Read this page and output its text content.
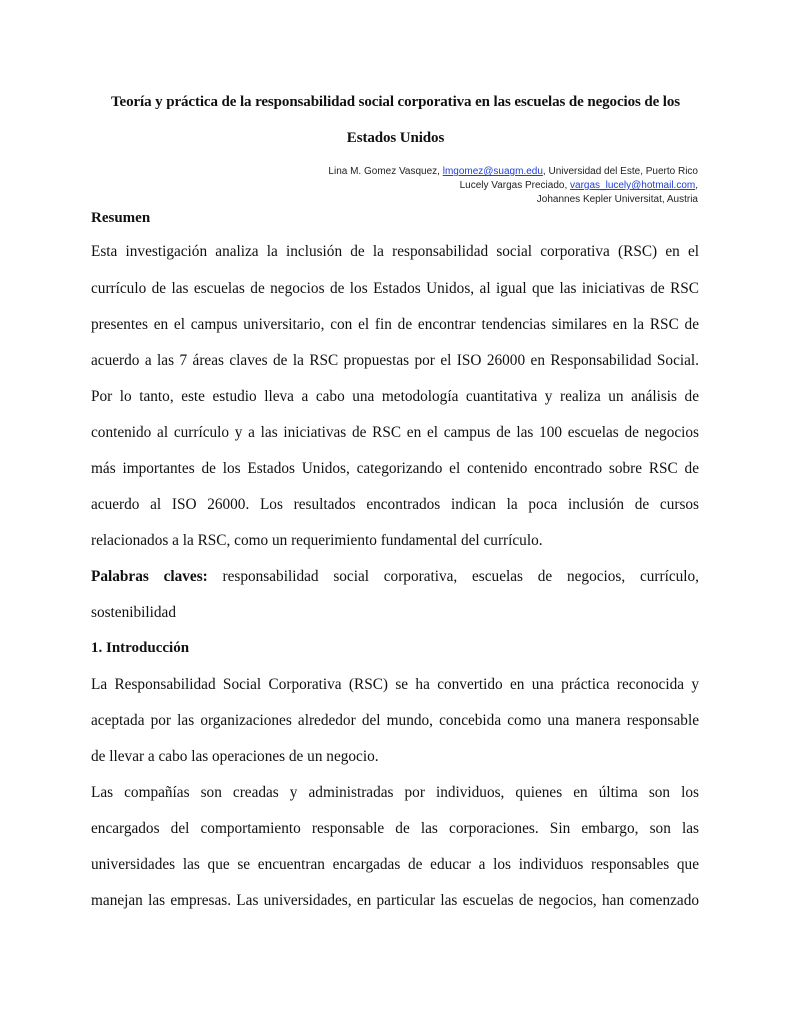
Teoría y práctica de la responsabilidad social corporativa en las escuelas de negocios de los
Estados Unidos
Lina M. Gomez Vasquez, lmgomez@suagm.edu, Universidad del Este, Puerto Rico
Lucely Vargas Preciado, vargas_lucely@hotmail.com,
Johannes Kepler Universitat, Austria
Resumen
Esta investigación analiza la inclusión de la responsabilidad social corporativa (RSC) en el
currículo de las escuelas de negocios de los Estados Unidos, al igual que las iniciativas de RSC
presentes en el campus universitario, con el fin de encontrar tendencias similares en la RSC de
acuerdo a las 7 áreas claves de la RSC propuestas por el ISO 26000 en Responsabilidad Social.
Por lo tanto, este estudio lleva a cabo una metodología cuantitativa y realiza un análisis de
contenido al currículo y a las iniciativas de RSC en el campus de las 100 escuelas de negocios
más importantes de los Estados Unidos, categorizando el contenido encontrado sobre RSC de
acuerdo al ISO 26000. Los resultados encontrados indican la poca inclusión de cursos
relacionados a la RSC, como un requerimiento fundamental del currículo.
Palabras claves: responsabilidad social corporativa, escuelas de negocios, currículo,
sostenibilidad
1. Introducción
La Responsabilidad Social Corporativa (RSC) se ha convertido en una práctica reconocida y
aceptada por las organizaciones alrededor del mundo, concebida como una manera responsable
de llevar a cabo las operaciones de un negocio.
Las compañías son creadas y administradas por individuos, quienes en última son los
encargados del comportamiento responsable de las corporaciones. Sin embargo, son las
universidades las que se encuentran encargadas de educar a los individuos responsables que
manejan las empresas. Las universidades, en particular las escuelas de negocios, han comenzado
